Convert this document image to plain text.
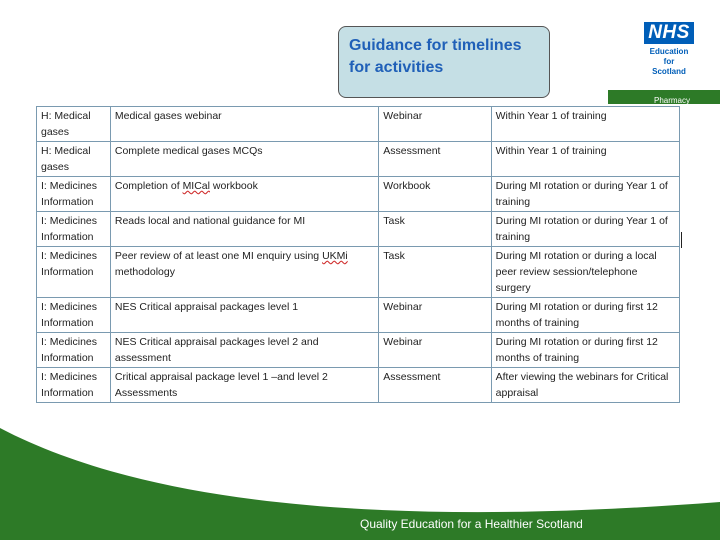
Guidance for timelines
for activities
NHS
Education
for
Scotland
Pharmacy
H: Medical gases	Medical gases webinar	Webinar	Within Year 1 of training
H: Medical gases	Complete medical gases MCQs	Assessment	Within Year 1 of training
I: Medicines Information	Completion of MICal workbook	Workbook	During MI rotation or during Year 1 of training
I: Medicines Information	Reads local and national guidance for MI	Task	During MI rotation or during Year 1 of training
I: Medicines Information	Peer review of at least one MI enquiry using UKMi methodology	Task	During MI rotation or during a local peer review session/telephone surgery
I: Medicines Information	NES Critical appraisal packages level 1	Webinar	During MI rotation or during first 12 months of training
I: Medicines Information	NES Critical appraisal packages level 2 and assessment	Webinar	During MI rotation or during first 12 months of training
I: Medicines Information	Critical appraisal package level 1 –and level 2 Assessments	Assessment	After viewing the webinars for Critical appraisal
Quality Education for a Healthier Scotland
